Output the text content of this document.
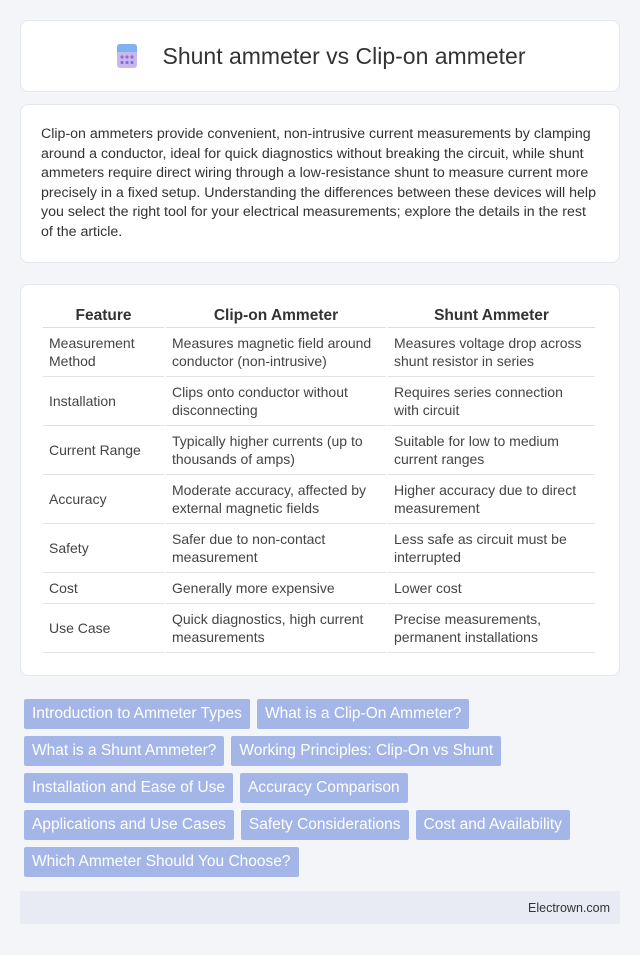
Shunt ammeter vs Clip-on ammeter

Clip-on ammeters provide convenient, non-intrusive current measurements by clamping around a conductor, ideal for quick diagnostics without breaking the circuit, while shunt ammeters require direct wiring through a low-resistance shunt to measure current more precisely in a fixed setup. Understanding the differences between these devices will help you select the right tool for your electrical measurements; explore the details in the rest of the article.

Feature	Clip-on Ammeter	Shunt Ammeter
Measurement Method	Measures magnetic field around conductor (non-intrusive)	Measures voltage drop across shunt resistor in series
Installation	Clips onto conductor without disconnecting	Requires series connection with circuit
Current Range	Typically higher currents (up to thousands of amps)	Suitable for low to medium current ranges
Accuracy	Moderate accuracy, affected by external magnetic fields	Higher accuracy due to direct measurement
Safety	Safer due to non-contact measurement	Less safe as circuit must be interrupted
Cost	Generally more expensive	Lower cost
Use Case	Quick diagnostics, high current measurements	Precise measurements, permanent installations
Introduction to Ammeter Types	What is a Clip-On Ammeter?
What is a Shunt Ammeter?	Working Principles: Clip-On vs Shunt
Installation and Ease of Use	Accuracy Comparison
Applications and Use Cases	Safety Considerations	Cost and Availability
Which Ammeter Should You Choose?
Electrown.com
